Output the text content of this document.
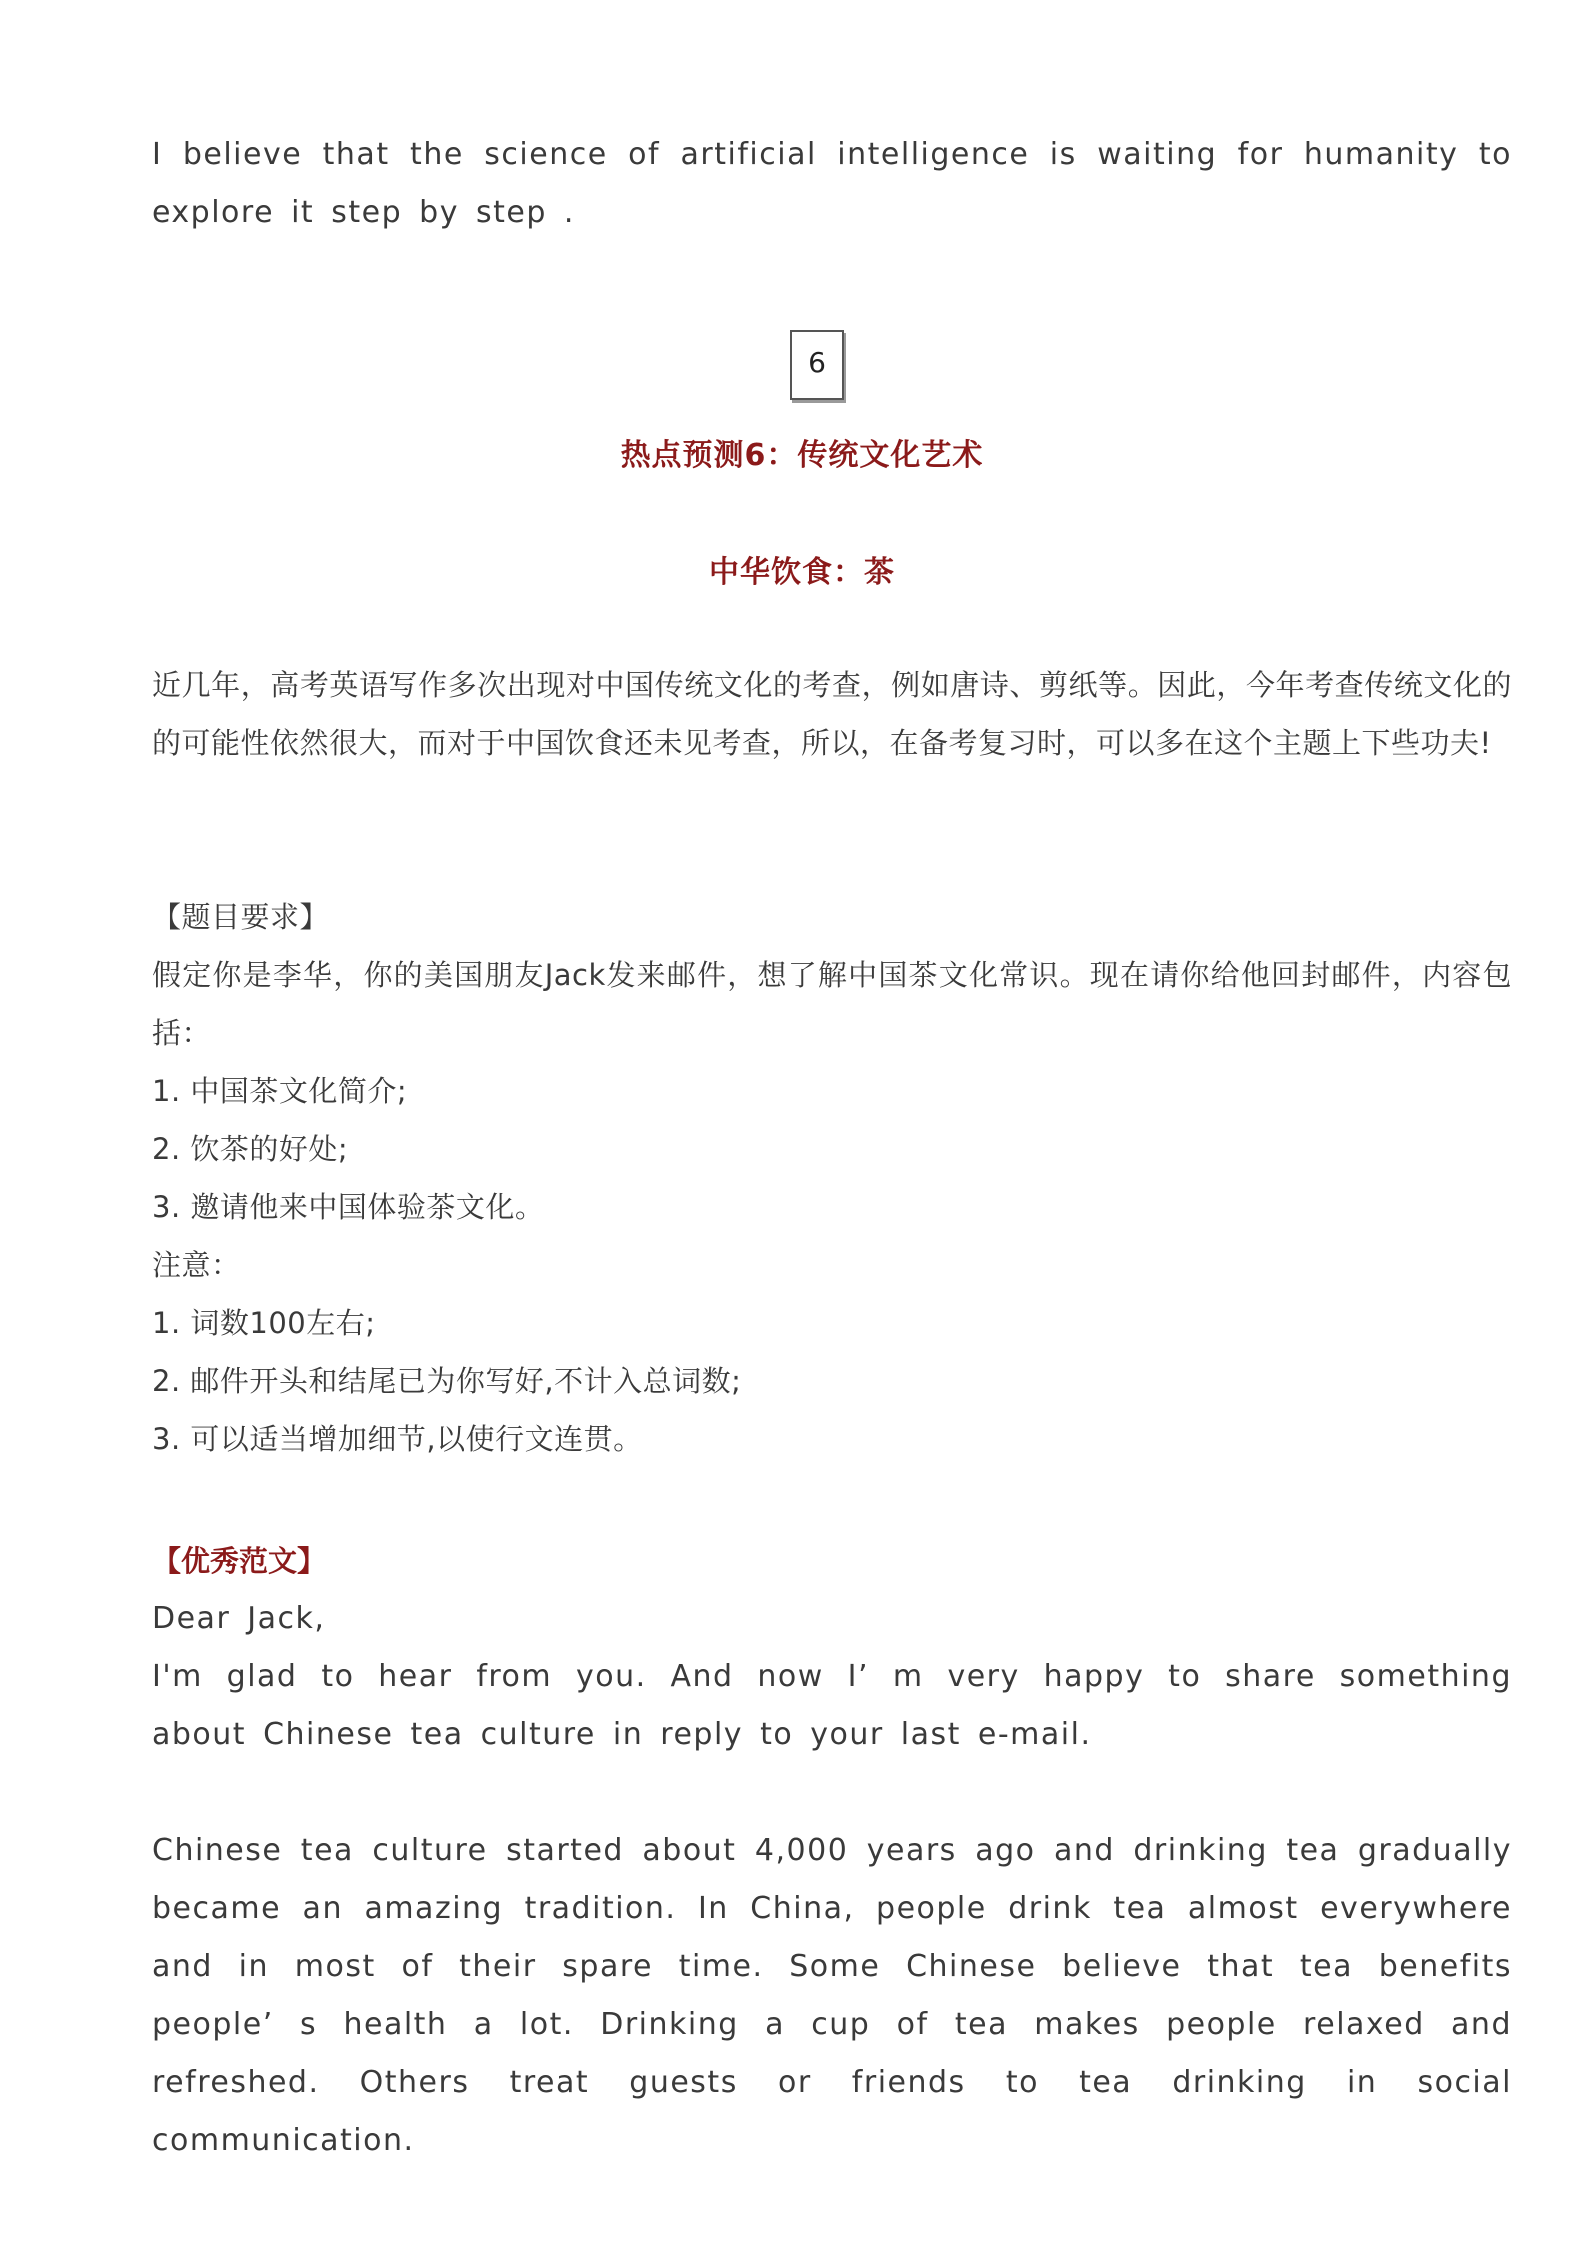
I believe that the science of artificial intelligence is waiting for humanity to explore it step by step .

6
热点预测6：传统文化艺术
中华饮食：茶

近几年，高考英语写作多次出现对中国传统文化的考查，例如唐诗、剪纸等。因此，今年考查传统文化的的可能性依然很大，而对于中国饮食还未见考查，所以，在备考复习时，可以多在这个主题上下些功夫!

【题目要求】

假定你是李华，你的美国朋友Jack发来邮件，想了解中国茶文化常识。现在请你给他回封邮件，内容包括：

1. 中国茶文化简介;

2. 饮茶的好处;

3. 邀请他来中国体验茶文化。

注意：

1. 词数100左右;

2. 邮件开头和结尾已为你写好,不计入总词数;

3. 可以适当增加细节,以使行文连贯。

【优秀范文】

Dear Jack,

I'm glad to hear from you. And now I’ m very happy to share something about Chinese tea culture in reply to your last e-mail.

Chinese tea culture started about 4,000 years ago and drinking tea gradually became an amazing tradition. In China, people drink tea almost everywhere and in most of their spare time. Some Chinese believe that tea benefits people’ s health a lot. Drinking a cup of tea makes people relaxed and refreshed. Others treat guests or friends to tea drinking in social communication.
